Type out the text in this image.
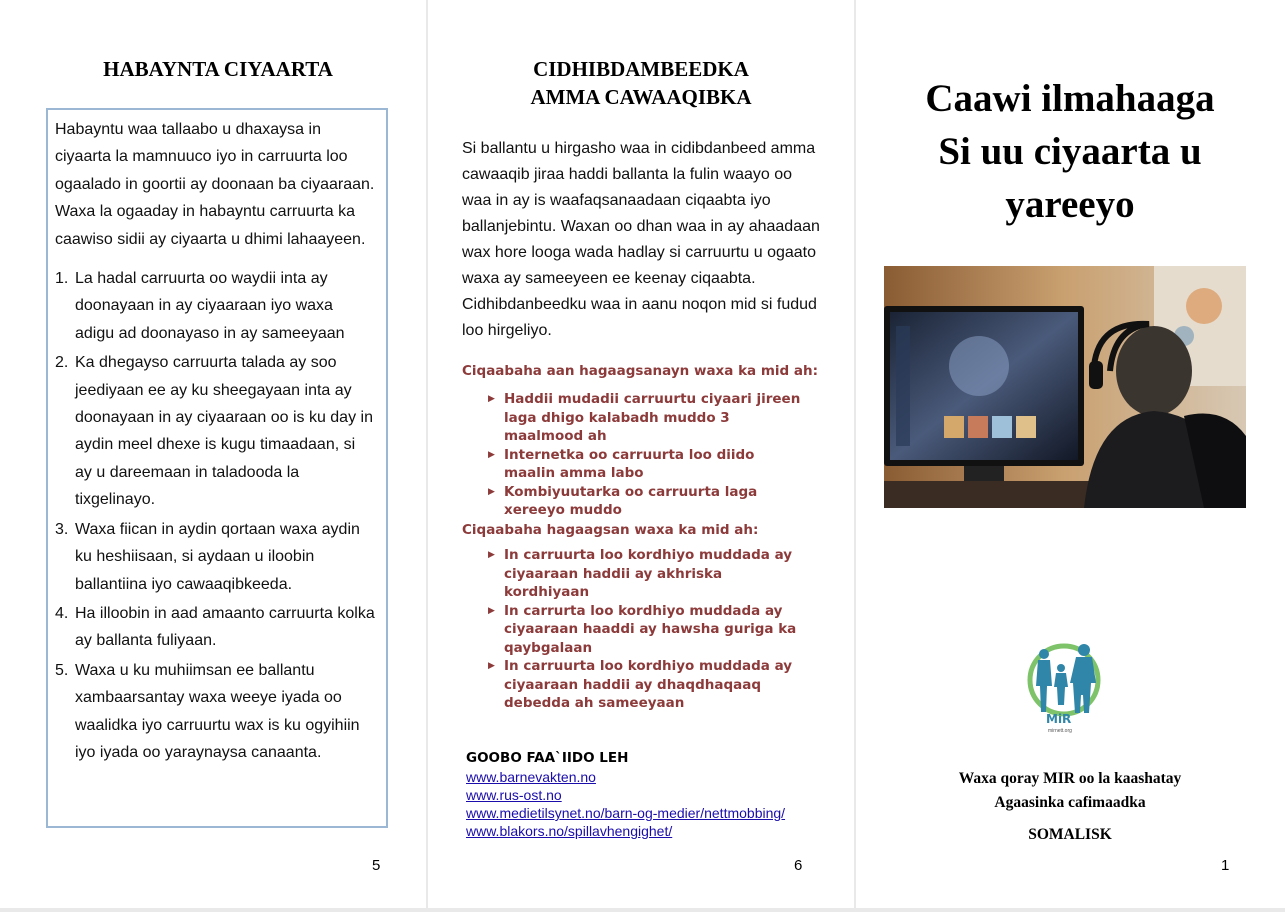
HABAYNTA CIYAARTA

Habayntu waa tallaabo u dhaxaysa in ciyaarta la mamnuuco iyo in carruurta loo ogaalado in goortii ay doonaan ba ciyaaraan. Waxa la ogaaday in habayntu carruurta ka caawiso sidii ay ciyaarta u dhimi lahaayeen.

1. La hadal carruurta oo waydii inta ay doonayaan in ay ciyaaraan iyo waxa adigu ad doonayaso in ay sameeyaan
2. Ka dhegayso carruurta talada ay soo jeediyaan ee ay ku sheegayaan inta ay doonayaan in ay ciyaaraan oo is ku day in aydin meel dhexe is kugu timaadaan, si ay u dareemaan in taladooda la tixgelinayo.
3. Waxa fiican in aydin qortaan waxa aydin ku heshiisaan, si aydaan u iloobin ballantiina iyo cawaaqibkeeda.
4. Ha illoobin in aad amaanto carruurta kolka ay ballanta fuliyaan.
5. Waxa u ku muhiimsan ee ballantu xambaarsantay waxa weeye iyada oo waalidka iyo carruurtu wax is ku ogyihiin iyo iyada oo yaraynaysa canaanta.
5
CIDHIBDAMBEEDKA
AMMA CAWAAQIBKA

Si ballantu u hirgasho waa in cidibdanbeed amma cawaaqib jiraa haddi ballanta la fulin waayo oo waa in ay is waafaqsanaadaan ciqaabta iyo ballanjebintu. Waxan oo dhan waa in ay ahaadaan wax hore looga wada hadlay si carruurtu u ogaato waxa ay sameeyeen ee keenay ciqaabta. Cidhibdanbeedku waa in aanu noqon mid si fudud loo hirgeliyo.

Ciqaabaha aan hagaagsanayn waxa ka mid ah:
▶ Haddii mudadii carruurtu ciyaari jireen laga dhigo kalabadh muddo 3 maalmood ah
▶ Internetka oo carruurta loo diido maalin amma labo
▶ Kombiyuutarka oo carruurta laga xereeyo muddo
Ciqaabaha hagaagsan waxa ka mid ah:
▶ In carruurta loo kordhiyo muddada ay ciyaaraan haddii ay akhriska kordhiyaan
▶ In carrurta loo kordhiyo muddada ay ciyaaraan haaddi ay hawsha guriga ka qaybgalaan
▶ In carruurta loo kordhiyo muddada ay ciyaaraan haddii ay dhaqdhaqaaq debedda ah sameeyaan
GOOBO FAA`IIDO LEH
www.barnevakten.no
www.rus-ost.no
www.medietilsynet.no/barn-og-medier/nettmobbing/
www.blakors.no/spillavhengighet/
6
Caawi ilmahaaga
Si uu ciyaarta u
yareeyo
MiR
mirnett.org
Waxa qoray MIR oo la kaashatay
Agaasinka cafimaadka
SOMALISK
1
